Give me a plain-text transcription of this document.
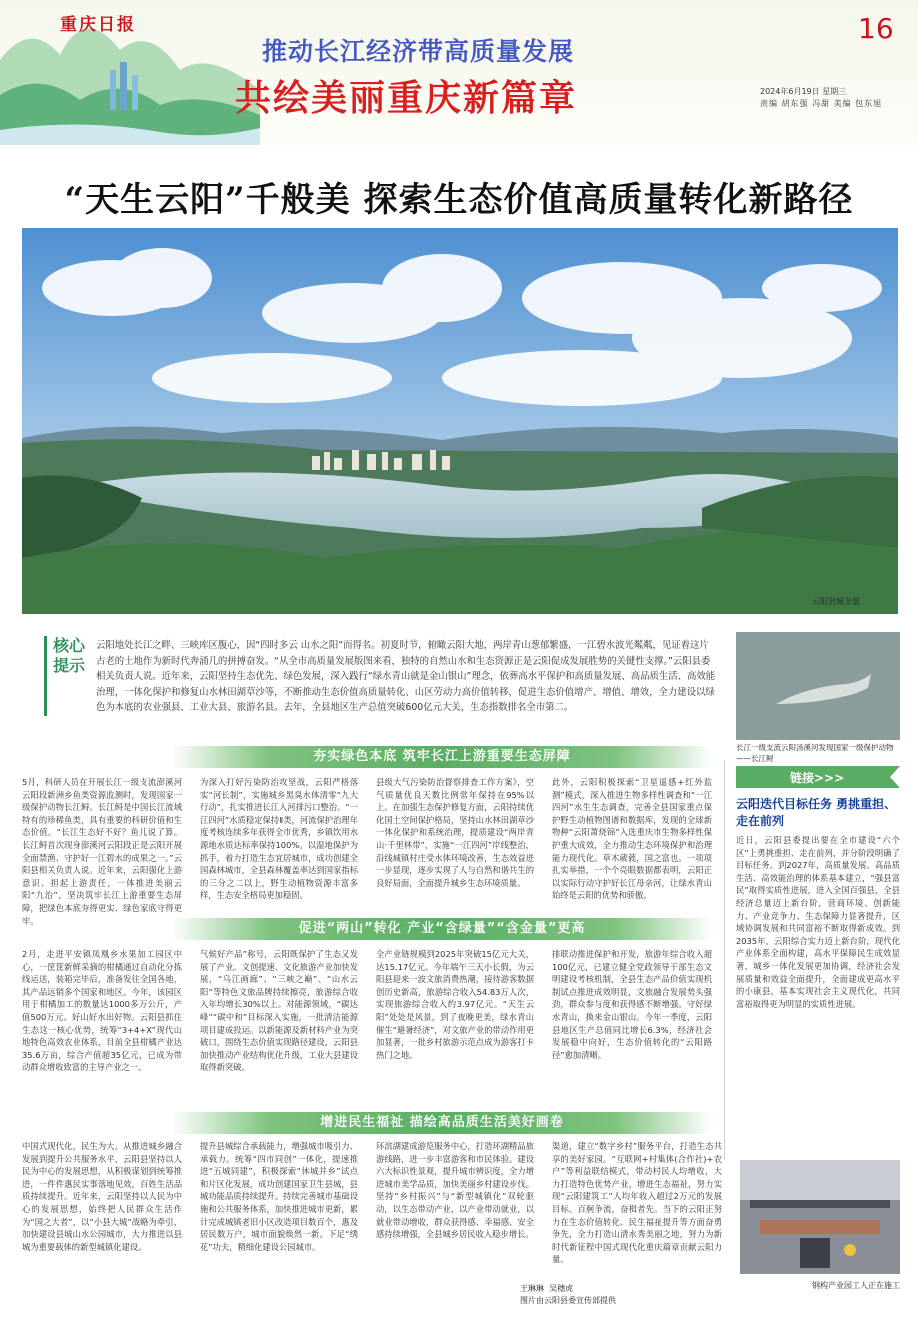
重庆日报
推动长江经济带高质量发展
共绘美丽重庆新篇章
16
2024年6月19日 星期三
责编 胡东强 冯甜 美编 包东旭
“天生云阳”千般美 探索生态价值高质量转化新路径
云阳县城全景
核心提示
云阳地处长江之畔、三峡库区腹心，因“四时多云 山水之阳”而得名。初夏时节，俯瞰云阳大地，两岸青山葱郁繁盛，一江碧水波光粼粼，见证着这片古老的土地作为新时代奔涌几的拼搏奋发。“从全市高质量发展版图来看，独特的自然山水和生态资源正是云阳促成发展胜势的关键性支撑。”云阳县委相关负责人说。近年来，云阳坚持生态优先、绿色发展，深入践行“绿水青山就是金山银山”理念，依葬高水平保护和高质量发展、高品质生活、高效能治理，一体化保护和修复山水林田湖草沙等，不断推动生态价值高质量转化、山区劳动力高价值转移，促进生态价值增产、增值、增效，全力建设以绿色为本底的农业强县、工业大县、旅游名县。去年，全县地区生产总值突破600亿元大关，生态指数排名全市第二。
长江一级支流云阳汤溪河发现国家一级保护动物——长江鲟
夯实绿色本底 筑牢长江上游重要生态屏障
5月，科研人员在开展长江一级支流澎溪河云阳段新洲乡鱼类资源监测时，发现国家一级保护动物长江鲟。长江鲟是中国长江流域特有的珍稀鱼类，具有重要的科研价值和生态价值。“长江生态好不好？鱼儿说了算。长江鲟首次现身澎溪河云阳段正是云阳开展全面禁渔、守护好一江碧水的成果之一。”云阳县相关负责人说。近年来，云阳强化上游意识、担起上游责任，一体推进美丽云阳“九治”，坚决筑牢长江上游重要生态屏障，把绿色本底夯得更实、绿色家底守得更牢。
为深入打好污染防治攻坚战，云阳严格落实“河长制”，实施城乡黑臭水体清零“九大行动”，扎实推进长江入河排污口整治。“一江四河”水质稳定保持Ⅱ类，河流保护治理年度考核连续多年获得全市优秀，乡镇饮用水源地水质达标率保持100%。以湿地保护为抓手，着力打造生态宜居城市，成功创建全国森林城市，全县森林覆盖率达到国家指标的三分之二以上，野生动植物资源丰富多样，生态安全格局更加稳固。
县级大气污染防治督察排查工作方案》，空气质量优良天数比例常年保持在95%以上。在加强生态保护修复方面，云阳持续优化国土空间保护格局，坚持山水林田湖草沙一体化保护和系统治理，提质建设“两岸青山·千里林带”，实施“一江四河”岸线整治，沿线城镇村庄受水体环境改善，生态效益进一步显现，逐步实现了人与自然和谐共生的良好局面，全面提升城乡生态环境质量。
此外，云阳积极探索“卫星遥感+红外监测”模式，深入推进生物多样性调查和“一江四河”水生生态调查，完善全县国家重点保护野生动植物图谱和数据库，发现的全球新物种“云阳萧烧锦”入选重庆市生物多样性保护重大成效，全力推动生态环境保护和治理能力现代化。草木葳蕤，国之富也。一项项扎实举措，一个个亮眼数据都表明，云阳正以实际行动守护好长江母亲河，让绿水青山始终是云阳的优势和骄傲。
促进“两山”转化 产业“含绿量”“含金量”更高
2月，走进平安镇凤凰乡水果加工园区中心，一筐筐新鲜采摘的柑橘通过自动化分拣线运送，装箱完毕后，准备发往全国各地，其产品远销多个国家和地区。今年，该园区用于柑橘加工的数量达1000多万公斤，产值500万元。好山好水出好物。云阳县抓住生态这一核心优势，统筹“3+4+X”现代山地特色高效农业体系，目前全县柑橘产业达35.6万亩，综合产值超35亿元，已成为带动群众增收致富的主导产业之一。
气候好产品”称号，云阳既保护了生态又发展了产业。文创提速、文化旅游产业加快发展，“乌江画廊”、“三峡之巅”、“山水云阳”等特色文旅品牌持续擦亮，旅游综合收入年均增长30%以上。对能源领域，“碳达峰”“碳中和”目标深入实施，一批清洁能源项目建成投运。以新能源及新材料产业为突破口，围绕生态价值实现路径建设，云阳县加快推动产业结构优化升级，工业大县建设取得新突破。
全产业链规模到2025年突破15亿元大关，达15.17亿元。今年端午三天小长假，为云阳县迎来一波文旅消费热潮，接待游客数据创历史新高，旅游综合收入54.83万人次，实现旅游综合收入约3.97亿元。“天生云阳”处处是风景，到了夜晚更美，绿水青山催生“避暑经济”，对文旅产业的带动作用更加显著，一批乡村旅游示范点成为游客打卡热门之地。
排联动推进保护和开发，旅游年综合收入超100亿元，已建立健全党政领导干部生态文明建设考核机制，全县生态产品价值实现机制试点推进成效明显，文旅融合发展势头强劲，群众参与度和获得感不断增强。守好绿水青山，换来金山银山。今年一季度，云阳县地区生产总值同比增长6.3%，经济社会发展稳中向好，生态价值转化的“云阳路径”愈加清晰。
增进民生福祉 描绘高品质生活美好画卷
中国式现代化，民生为大。从推进城乡融合发展到提升公共服务水平，云阳县坚持以人民为中心的发展思想，从积极谋划到统筹推进，一件件惠民实事落地见效，百姓生活品质持续提升。近年来，云阳坚持以人民为中心的发展思想，始终把人民群众生活作为“国之大者”，以“小县大城”战略为牵引，加快建设县城山水公园城市，大力推进以县城为重要载体的新型城镇化建设。
提升县城综合承载能力，增强城市吸引力、承载力。统筹“四市同创”一体化，提速推进“五城同建”，积极探索“休城并乡”试点和片区化发展，成功创建国家卫生县城，县城功能品质持续提升。持续完善城市基础设施和公共服务体系，加快推进城市更新，累计完成城镇老旧小区改造项目数百个，惠及居民数万户，城市面貌焕然一新。下足“绣花”功夫，精细化建设公园城市。
环滨湖建成游览服务中心，打造环湖精品旅游线路，进一步丰富游客和市民体验。建设六大标识性景观，提升城市辨识度，全力增进城市美学品质，加快美丽乡村建设步伐。坚持“乡村振兴”与“新型城镇化”双轮驱动，以生态带动产业，以产业带动就业，以就业带动增收，群众获得感、幸福感、安全感持续增强，全县城乡居民收入稳步增长。
渠道，建立“数字乡村”服务平台，打造生态共享的美好家园。“互联网+村集体(合作社)+农户”等利益联结模式，带动村民人均增收，大力打造特色优势产业，增进生态福祉，努力实现“云阳建筑工”人均年收入超过2万元的发展目标。百舸争流，奋楫者先。当下的云阳正努力在生态价值转化、民生福祉提升等方面奋勇争先，全力打造山清水秀美丽之地，努力为新时代新征程中国式现代化重庆篇章贡献云阳力量。
王琳琳  吴穗虎
图片由云阳县委宣传部提供
链接>>>
云阳迭代目标任务 勇挑重担、走在前列
近日，云阳县委提出要在全市建设“六个区”上勇挑重担、走在前列，并分阶段明确了目标任务。到2027年，高质量发展、高品质生活、高效能治理的体系基本建立，“强县富民”取得实质性进展，进入全国百强县，全县经济总量迈上新台阶，营商环境、创新能力、产业竞争力、生态保障力显著提升，区域协调发展和共同富裕不断取得新成效。到2035年，云阳综合实力迈上新台阶，现代化产业体系全面构建，高水平保障民生成效显著，城乡一体化发展更加协调，经济社会发展质量和效益全面提升，全面建成更高水平的小康县，基本实现社会主义现代化，共同富裕取得更为明显的实质性进展。
钢构产业园工人正在施工
